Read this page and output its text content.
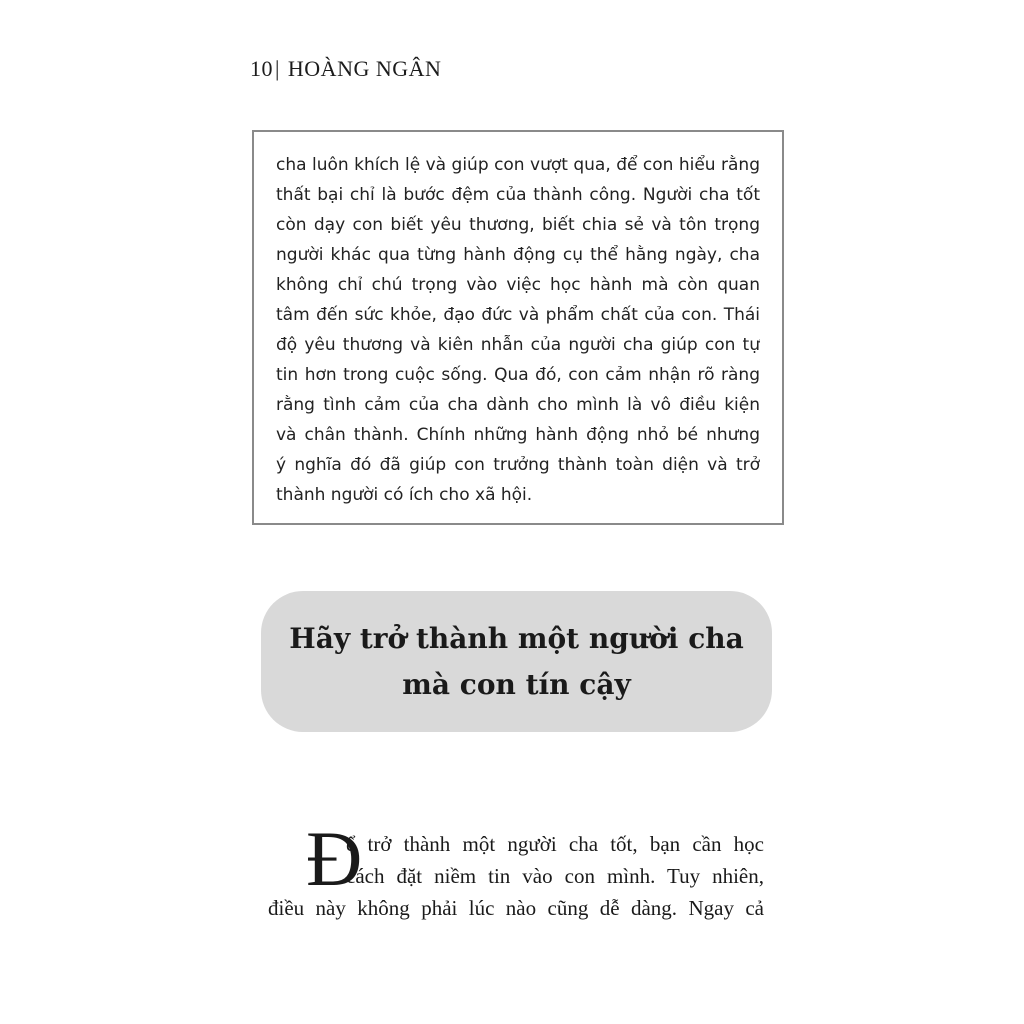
10 | HOÀNG NGÂN
cha luôn khích lệ và giúp con vượt qua, để con hiểu rằng
thất bại chỉ là bước đệm của thành công. Người cha tốt
còn dạy con biết yêu thương, biết chia sẻ và tôn trọng
người khác qua từng hành động cụ thể hằng ngày, cha
không chỉ chú trọng vào việc học hành mà còn quan
tâm đến sức khỏe, đạo đức và phẩm chất của con. Thái
độ yêu thương và kiên nhẫn của người cha giúp con tự
tin hơn trong cuộc sống. Qua đó, con cảm nhận rõ ràng
rằng tình cảm của cha dành cho mình là vô điều kiện
và chân thành. Chính những hành động nhỏ bé nhưng
ý nghĩa đó đã giúp con trưởng thành toàn diện và trở
thành người có ích cho xã hội.
Hãy trở thành một người cha
mà con tín cậy
Đ
ể trở thành một người cha tốt, bạn cần học
cách đặt niềm tin vào con mình. Tuy nhiên,
điều này không phải lúc nào cũng dễ dàng. Ngay cả
